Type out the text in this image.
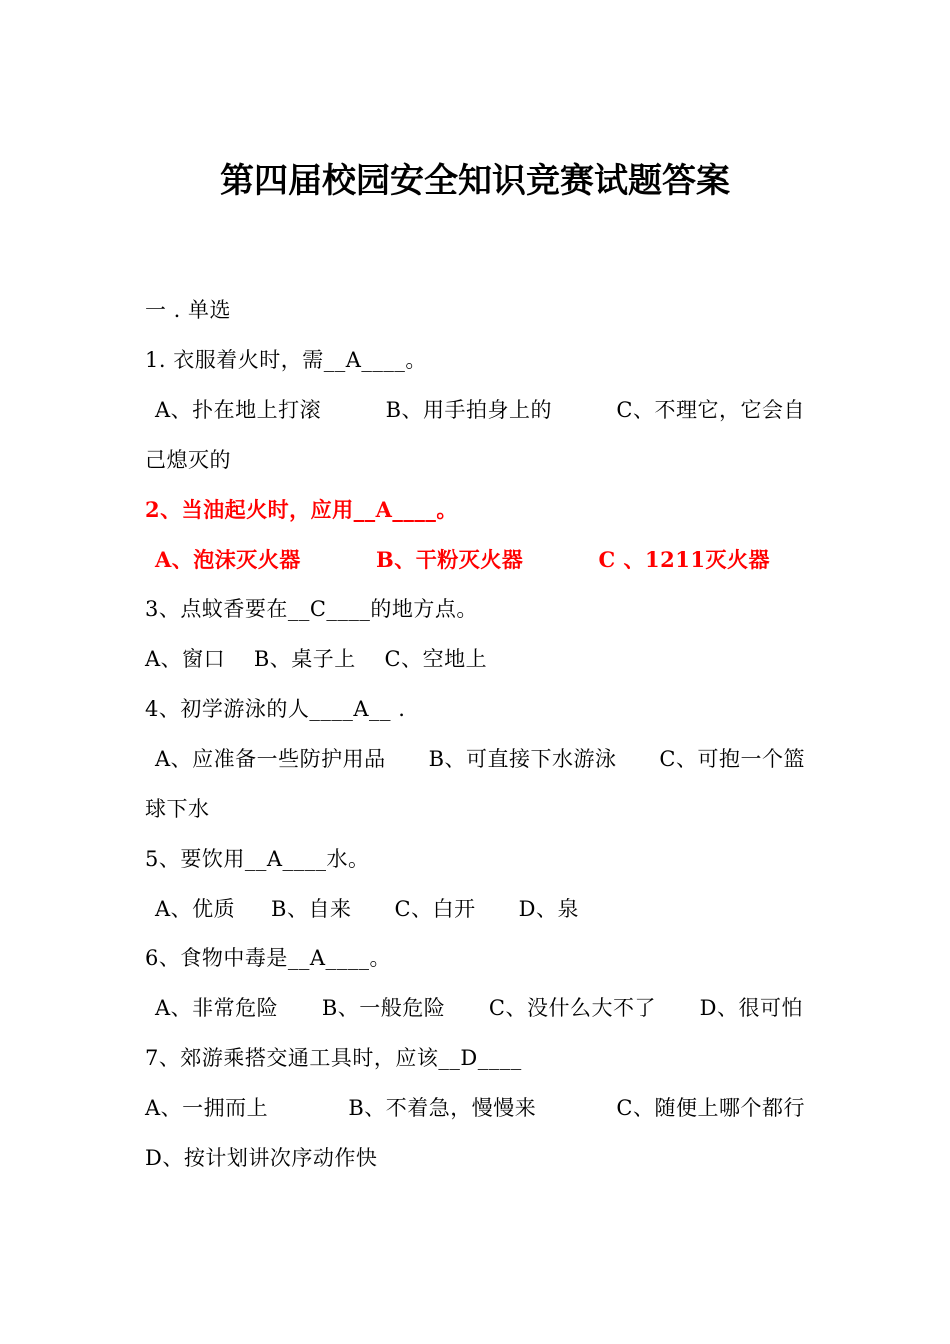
第四届校园安全知识竞赛试题答案
一 . 单选
1. 衣服着火时，需__A____。
A、扑在地上打滚	B、用手拍身上的	C、不理它，它会自
己熄灭的
2、当油起火时，应用__A____。
A、泡沫灭火器	B、干粉灭火器	C 、1211灭火器
3、点蚊香要在__C____的地方点。
A、窗口    B、桌子上    C、空地上
4、初学游泳的人____A__ .
A、应准备一些防护用品 B、可直接下水游泳 C、可抱一个篮
球下水
5、要饮用__A____水。
A、优质     B、自来      C、白开      D、泉
6、食物中毒是__A____。
A、非常危险 B、一般危险 C、没什么大不了 D、很可怕
7、郊游乘搭交通工具时，应该__D____
A、一拥而上	B、不着急，慢慢来	C、随便上哪个都行
D、按计划讲次序动作快
